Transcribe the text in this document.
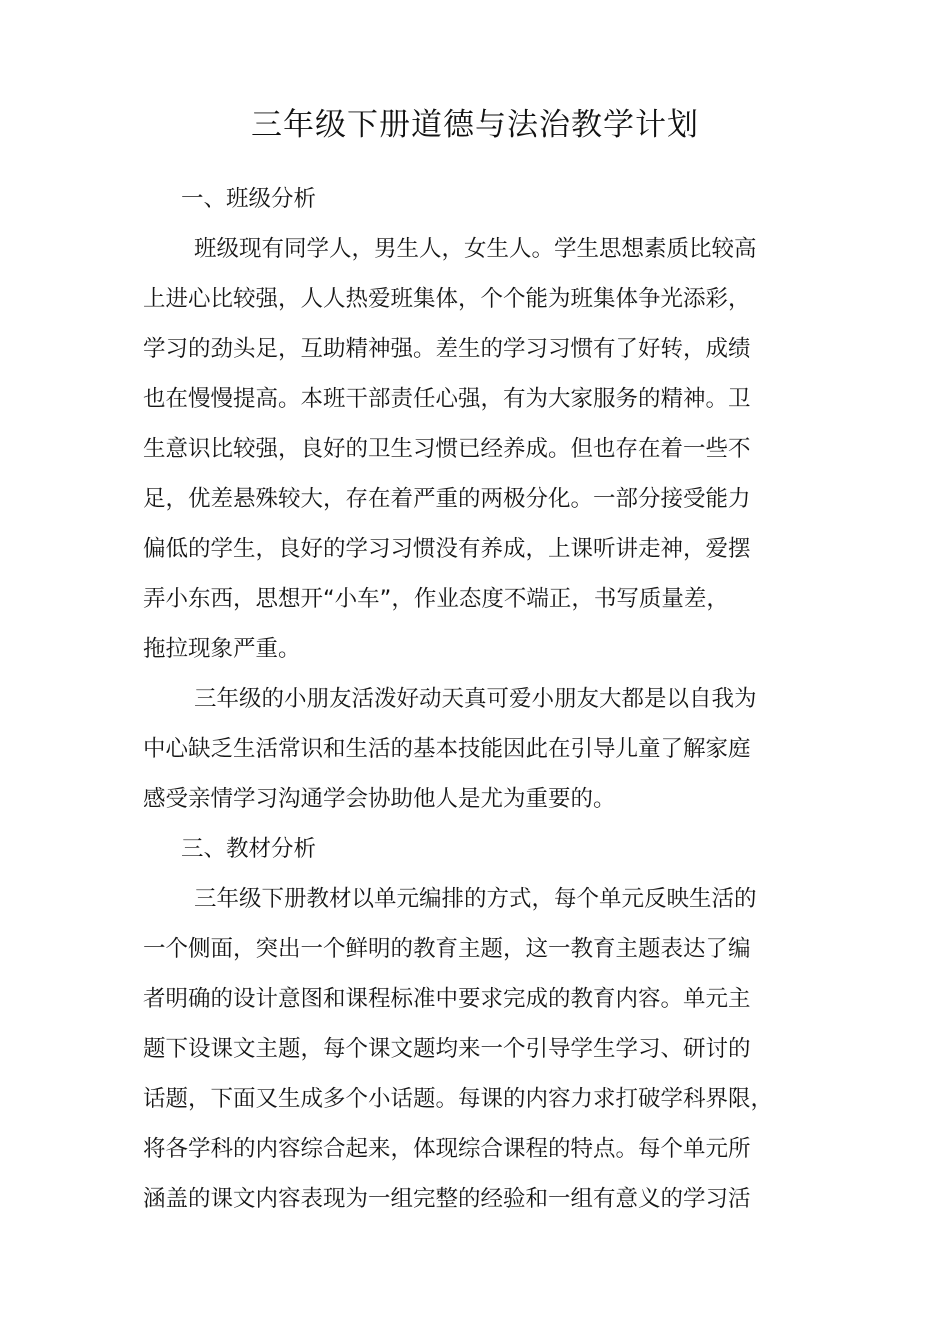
三年级下册道德与法治教学计划
一、班级分析
班级现有同学人，男生人，女生人。学生思想素质比较高
上进心比较强，人人热爱班集体，个个能为班集体争光添彩，
学习的劲头足，互助精神强。差生的学习习惯有了好转，成绩
也在慢慢提高。本班干部责任心强，有为大家服务的精神。卫
生意识比较强，良好的卫生习惯已经养成。但也存在着一些不
足，优差悬殊较大，存在着严重的两极分化。一部分接受能力
偏低的学生，良好的学习习惯没有养成，上课听讲走神，爱摆
弄小东西，思想开“小车”，作业态度不端正，书写质量差，
拖拉现象严重。
三年级的小朋友活泼好动天真可爱小朋友大都是以自我为
中心缺乏生活常识和生活的基本技能因此在引导儿童了解家庭
感受亲情学习沟通学会协助他人是尤为重要的。
三、教材分析
三年级下册教材以单元编排的方式，每个单元反映生活的
一个侧面，突出一个鲜明的教育主题，这一教育主题表达了编
者明确的设计意图和课程标准中要求完成的教育内容。单元主
题下设课文主题，每个课文题均来一个引导学生学习、研讨的
话题，下面又生成多个小话题。每课的内容力求打破学科界限，
将各学科的内容综合起来，体现综合课程的特点。每个单元所
涵盖的课文内容表现为一组完整的经验和一组有意义的学习活
